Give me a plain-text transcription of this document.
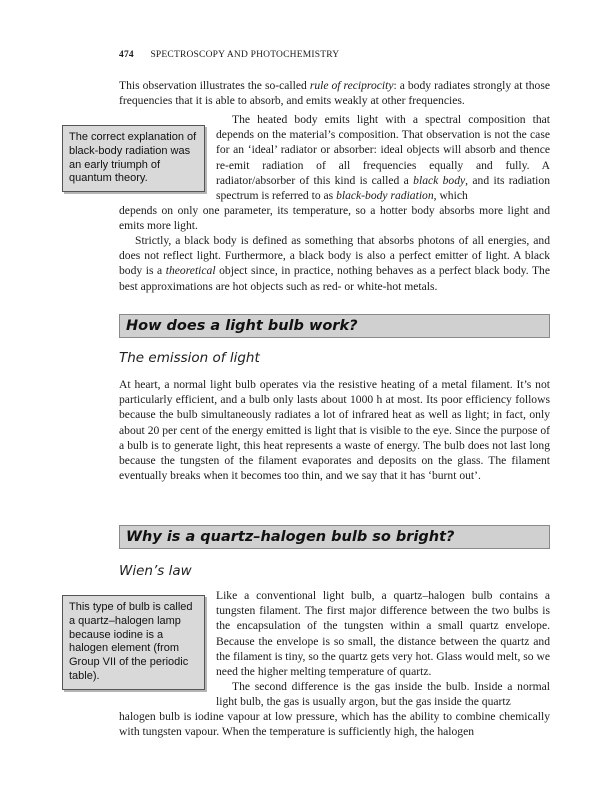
474 SPECTROSCOPY AND PHOTOCHEMISTRY

This observation illustrates the so-called rule of reciprocity: a body radiates strongly at those frequencies that it is able to absorb, and emits weakly at other frequencies.

The correct explanation of black-body radiation was an early triumph of quantum theory.

The heated body emits light with a spectral composition that depends on the material’s composition. That observation is not the case for an ‘ideal’ radiator or absorber: ideal objects will absorb and thence re-emit radiation of all frequencies equally and fully. A radiator/absorber of this kind is called a black body, and its radiation spectrum is referred to as black-body radiation, which

depends on only one parameter, its temperature, so a hotter body absorbs more light and emits more light.

Strictly, a black body is defined as something that absorbs photons of all energies, and does not reflect light. Furthermore, a black body is also a perfect emitter of light. A black body is a theoretical object since, in practice, nothing behaves as a perfect black body. The best approximations are hot objects such as red- or white-hot metals.

How does a light bulb work?
The emission of light

At heart, a normal light bulb operates via the resistive heating of a metal filament. It’s not particularly efficient, and a bulb only lasts about 1000 h at most. Its poor efficiency follows because the bulb simultaneously radiates a lot of infrared heat as well as light; in fact, only about 20 per cent of the energy emitted is light that is visible to the eye. Since the purpose of a bulb is to generate light, this heat represents a waste of energy. The bulb does not last long because the tungsten of the filament evaporates and deposits on the glass. The filament eventually breaks when it becomes too thin, and we say that it has ‘burnt out’.

Why is a quartz–halogen bulb so bright?
Wien’s law
This type of bulb is called a quartz–halogen lamp because iodine is a halogen element (from Group VII of the periodic table).

Like a conventional light bulb, a quartz–halogen bulb contains a tungsten filament. The first major difference between the two bulbs is the encapsulation of the tungsten within a small quartz envelope. Because the envelope is so small, the distance between the quartz and the filament is tiny, so the quartz gets very hot. Glass would melt, so we need the higher melting temperature of quartz.

The second difference is the gas inside the bulb. Inside a normal light bulb, the gas is usually argon, but the gas inside the quartz

halogen bulb is iodine vapour at low pressure, which has the ability to combine chemically with tungsten vapour. When the temperature is sufficiently high, the halogen
